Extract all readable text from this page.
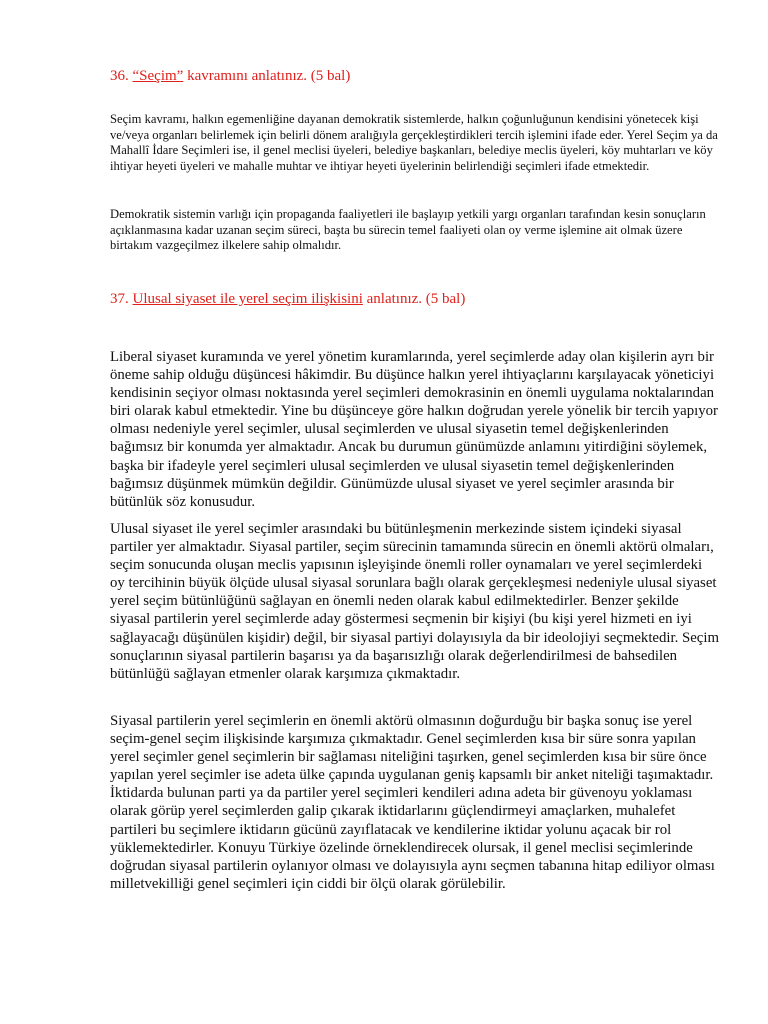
36. “Seçim” kavramını anlatınız. (5 bal)

Seçim kavramı, halkın egemenliğine dayanan demokratik sistemlerde, halkın çoğunluğunun kendisini yönetecek kişi ve/veya organları belirlemek için belirli dönem aralığıyla gerçekleştirdikleri tercih işlemini ifade eder. Yerel Seçim ya da Mahallî İdare Seçimleri ise, il genel meclisi üyeleri, belediye başkanları, belediye meclis üyeleri, köy muhtarları ve köy ihtiyar heyeti üyeleri ve mahalle muhtar ve ihtiyar heyeti üyelerinin belirlendiği seçimleri ifade etmektedir.

Demokratik sistemin varlığı için propaganda faaliyetleri ile başlayıp yetkili yargı organları tarafından kesin sonuçların açıklanmasına kadar uzanan seçim süreci, başta bu sürecin temel faaliyeti olan oy verme işlemine ait olmak üzere birtakım vazgeçilmez ilkelere sahip olmalıdır.

37. Ulusal siyaset ile yerel seçim ilişkisini anlatınız. (5 bal)

Liberal siyaset kuramında ve yerel yönetim kuramlarında, yerel seçimlerde aday olan kişilerin ayrı bir öneme sahip olduğu düşüncesi hâkimdir. Bu düşünce halkın yerel ihtiyaçlarını karşılayacak yöneticiyi kendisinin seçiyor olması noktasında yerel seçimleri demokrasinin en önemli uygulama noktalarından biri olarak kabul etmektedir. Yine bu düşünceye göre halkın doğrudan yerele yönelik bir tercih yapıyor olması nedeniyle yerel seçimler, ulusal seçimlerden ve ulusal siyasetin temel değişkenlerinden bağımsız bir konumda yer almaktadır. Ancak bu durumun günümüzde anlamını yitirdiğini söylemek, başka bir ifadeyle yerel seçimleri ulusal seçimlerden ve ulusal siyasetin temel değişkenlerinden bağımsız düşünmek mümkün değildir. Günümüzde ulusal siyaset ve yerel seçimler arasında bir bütünlük söz konusudur.

Ulusal siyaset ile yerel seçimler arasındaki bu bütünleşmenin merkezinde sistem içindeki siyasal partiler yer almaktadır. Siyasal partiler, seçim sürecinin tamamında sürecin en önemli aktörü olmaları, seçim sonucunda oluşan meclis yapısının işleyişinde önemli roller oynamaları ve yerel seçimlerdeki oy tercihinin büyük ölçüde ulusal siyasal sorunlara bağlı olarak gerçekleşmesi nedeniyle ulusal siyaset yerel seçim bütünlüğünü sağlayan en önemli neden olarak kabul edilmektedirler. Benzer şekilde siyasal partilerin yerel seçimlerde aday göstermesi seçmenin bir kişiyi (bu kişi yerel hizmeti en iyi sağlayacağı düşünülen kişidir) değil, bir siyasal partiyi dolayısıyla da bir ideolojiyi seçmektedir. Seçim sonuçlarının siyasal partilerin başarısı ya da başarısızlığı olarak değerlendirilmesi de bahsedilen bütünlüğü sağlayan etmenler olarak karşımıza çıkmaktadır.

Siyasal partilerin yerel seçimlerin en önemli aktörü olmasının doğurduğu bir başka sonuç ise yerel seçim-genel seçim ilişkisinde karşımıza çıkmaktadır. Genel seçimlerden kısa bir süre sonra yapılan yerel seçimler genel seçimlerin bir sağlaması niteliğini taşırken, genel seçimlerden kısa bir süre önce yapılan yerel seçimler ise adeta ülke çapında uygulanan geniş kapsamlı bir anket niteliği taşımaktadır. İktidarda bulunan parti ya da partiler yerel seçimleri kendileri adına adeta bir güvenoyu yoklaması olarak görüp yerel seçimlerden galip çıkarak iktidarlarını güçlendirmeyi amaçlarken, muhalefet partileri bu seçimlere iktidarın gücünü zayıflatacak ve kendilerine iktidar yolunu açacak bir rol yüklemektedirler. Konuyu Türkiye özelinde örneklendirecek olursak, il genel meclisi seçimlerinde doğrudan siyasal partilerin oylanıyor olması ve dolayısıyla aynı seçmen tabanına hitap ediliyor olması milletvekilliği genel seçimleri için ciddi bir ölçü olarak görülebilir.
